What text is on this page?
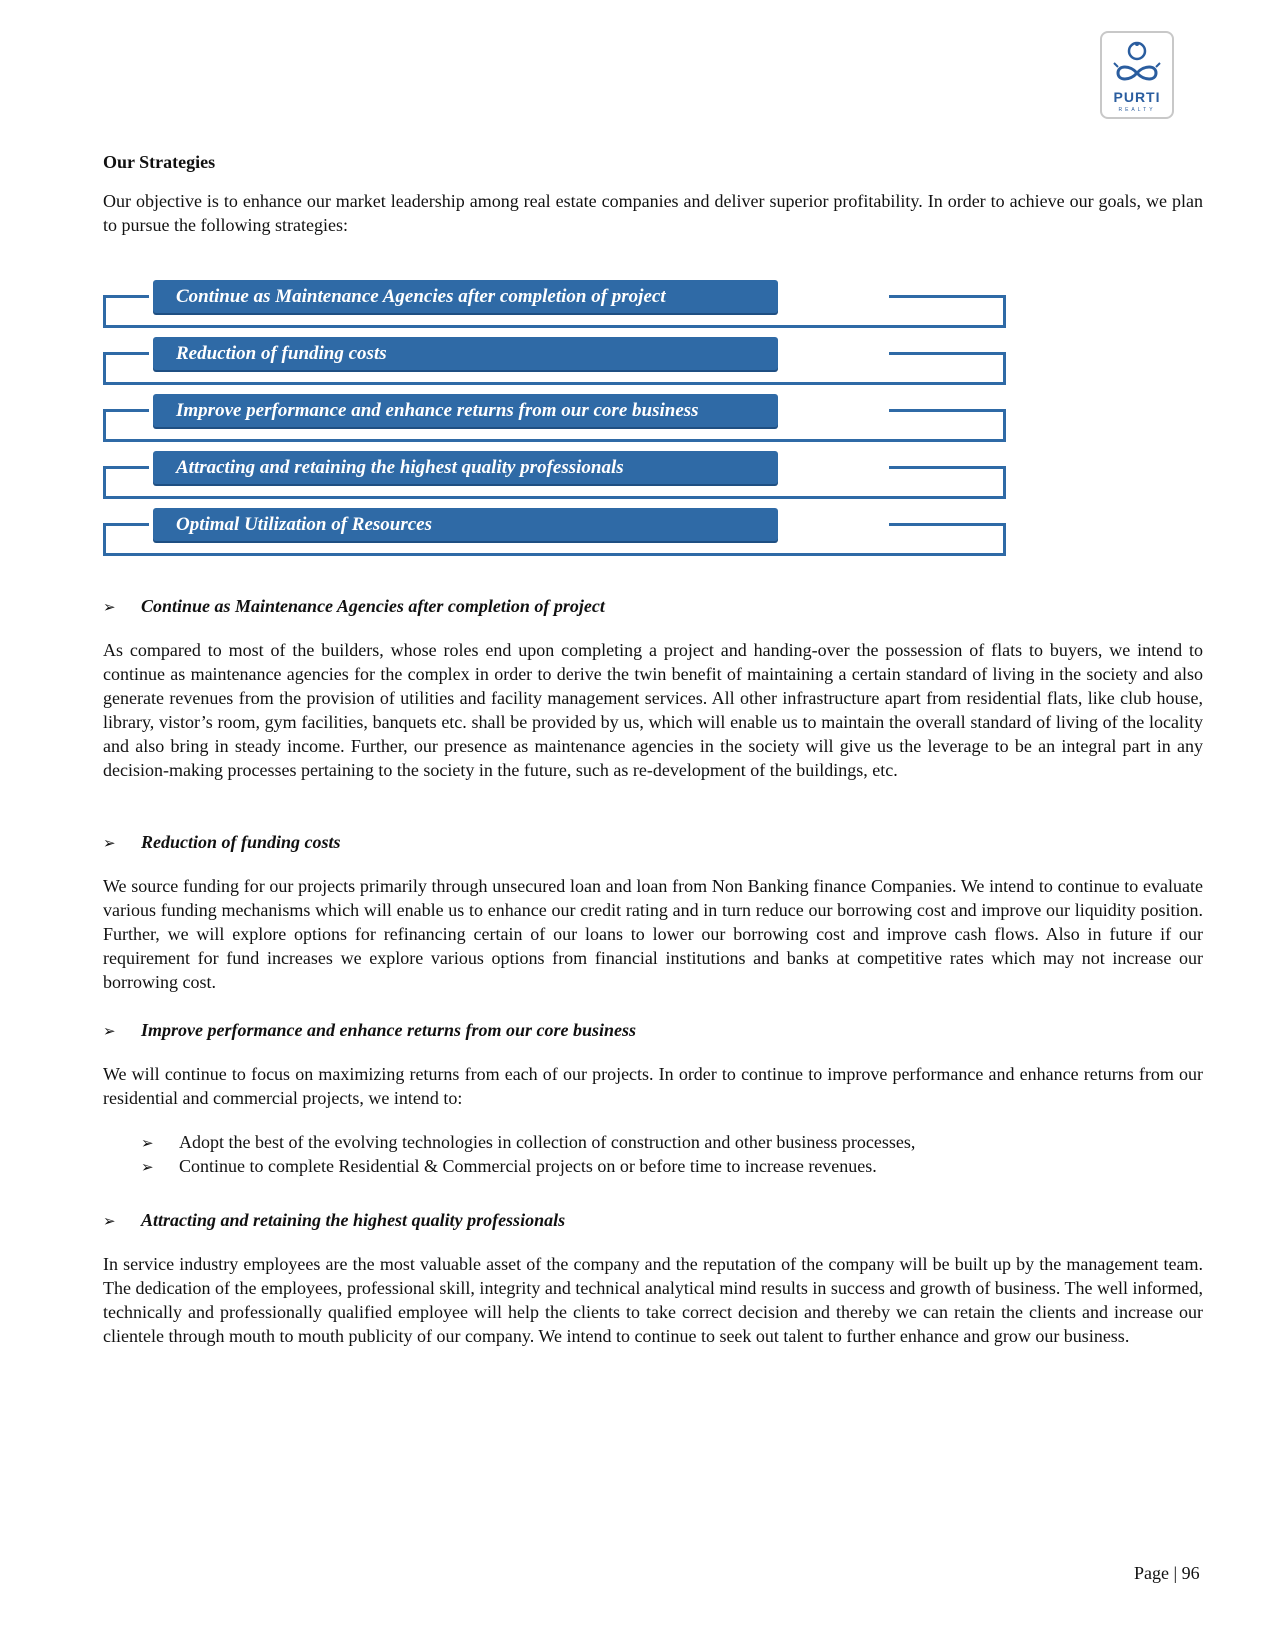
PURTI
REALTY
Our Strategies

Our objective is to enhance our market leadership among real estate companies and deliver superior profitability. In order to achieve our goals, we plan to pursue the following strategies:

Continue as Maintenance Agencies after completion of project
Reduction of funding costs
Improve performance and enhance returns from our core business
Attracting and retaining the highest quality professionals
Optimal Utilization of Resources
➢ Continue as Maintenance Agencies after completion of project

As compared to most of the builders, whose roles end upon completing a project and handing-over the possession of flats to buyers, we intend to continue as maintenance agencies for the complex in order to derive the twin benefit of maintaining a certain standard of living in the society and also generate revenues from the provision of utilities and facility management services. All other infrastructure apart from residential flats, like club house, library, vistor’s room, gym facilities, banquets etc. shall be provided by us, which will enable us to maintain the overall standard of living of the locality and also bring in steady income. Further, our presence as maintenance agencies in the society will give us the leverage to be an integral part in any decision-making processes pertaining to the society in the future, such as re-development of the buildings, etc.

➢ Reduction of funding costs

We source funding for our projects primarily through unsecured loan and loan from Non Banking finance Companies. We intend to continue to evaluate various funding mechanisms which will enable us to enhance our credit rating and in turn reduce our borrowing cost and improve our liquidity position. Further, we will explore options for refinancing certain of our loans to lower our borrowing cost and improve cash flows. Also in future if our requirement for fund increases we explore various options from financial institutions and banks at competitive rates which may not increase our borrowing cost.

➢ Improve performance and enhance returns from our core business

We will continue to focus on maximizing returns from each of our projects. In order to continue to improve performance and enhance returns from our residential and commercial projects, we intend to:

➢ Adopt the best of the evolving technologies in collection of construction and other business processes,
➢ Continue to complete Residential & Commercial projects on or before time to increase revenues.
➢ Attracting and retaining the highest quality professionals

In service industry employees are the most valuable asset of the company and the reputation of the company will be built up by the management team. The dedication of the employees, professional skill, integrity and technical analytical mind results in success and growth of business. The well informed, technically and professionally qualified employee will help the clients to take correct decision and thereby we can retain the clients and increase our clientele through mouth to mouth publicity of our company. We intend to continue to seek out talent to further enhance and grow our business.

Page | 96
